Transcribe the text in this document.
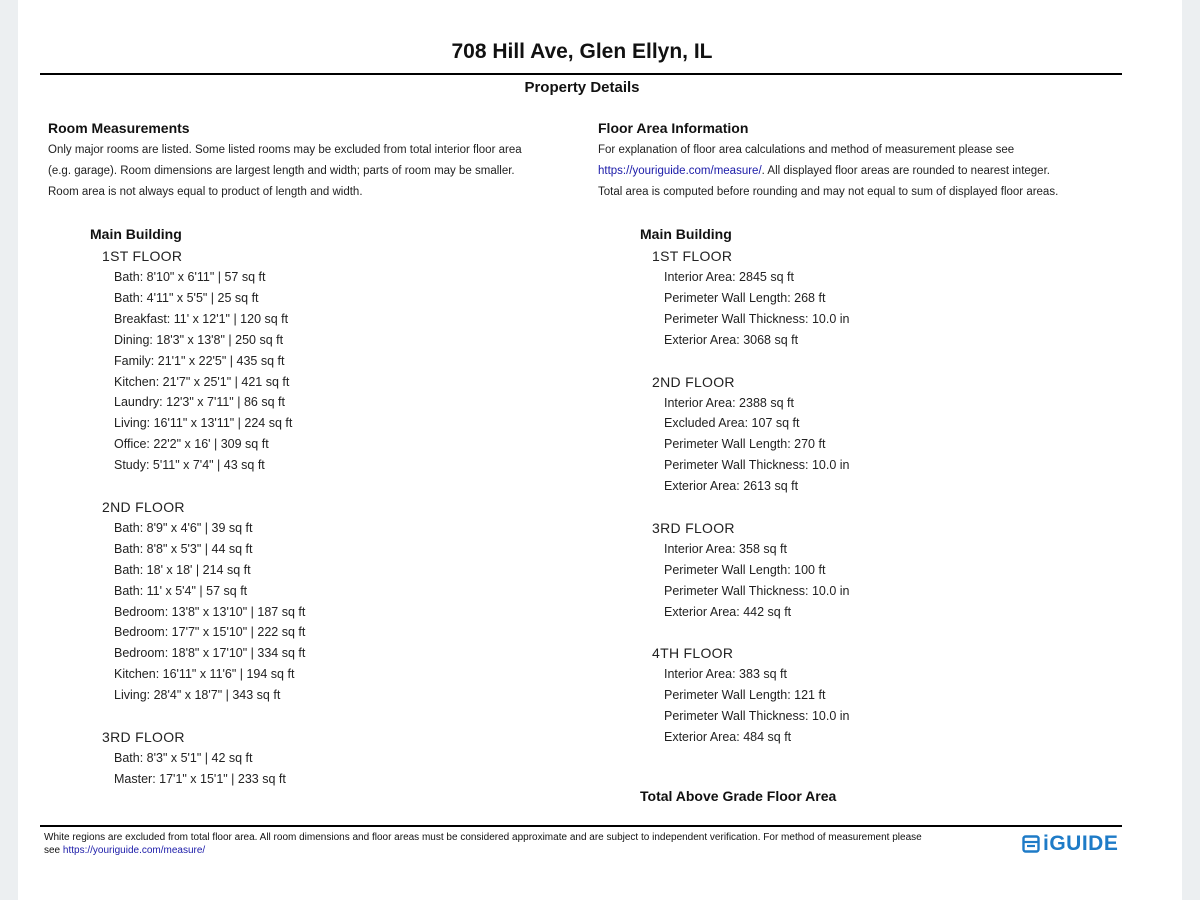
708 Hill Ave, Glen Ellyn, IL
Property Details
Room Measurements
Only major rooms are listed. Some listed rooms may be excluded from total interior floor area
(e.g. garage). Room dimensions are largest length and width; parts of room may be smaller.
Room area is not always equal to product of length and width.
Main Building
1ST FLOOR
Bath: 8'10" x 6'11" | 57 sq ft
Bath: 4'11" x 5'5" | 25 sq ft
Breakfast: 11' x 12'1" | 120 sq ft
Dining: 18'3" x 13'8" | 250 sq ft
Family: 21'1" x 22'5" | 435 sq ft
Kitchen: 21'7" x 25'1" | 421 sq ft
Laundry: 12'3" x 7'11" | 86 sq ft
Living: 16'11" x 13'11" | 224 sq ft
Office: 22'2" x 16' | 309 sq ft
Study: 5'11" x 7'4" | 43 sq ft
2ND FLOOR
Bath: 8'9" x 4'6" | 39 sq ft
Bath: 8'8" x 5'3" | 44 sq ft
Bath: 18' x 18' | 214 sq ft
Bath: 11' x 5'4" | 57 sq ft
Bedroom: 13'8" x 13'10" | 187 sq ft
Bedroom: 17'7" x 15'10" | 222 sq ft
Bedroom: 18'8" x 17'10" | 334 sq ft
Kitchen: 16'11" x 11'6" | 194 sq ft
Living: 28'4" x 18'7" | 343 sq ft
3RD FLOOR
Bath: 8'3" x 5'1" | 42 sq ft
Master: 17'1" x 15'1" | 233 sq ft
Floor Area Information
For explanation of floor area calculations and method of measurement please see
https://youriguide.com/measure/. All displayed floor areas are rounded to nearest integer.
Total area is computed before rounding and may not equal to sum of displayed floor areas.
Main Building
1ST FLOOR
Interior Area: 2845 sq ft
Perimeter Wall Length: 268 ft
Perimeter Wall Thickness: 10.0 in
Exterior Area: 3068 sq ft
2ND FLOOR
Interior Area: 2388 sq ft
Excluded Area: 107 sq ft
Perimeter Wall Length: 270 ft
Perimeter Wall Thickness: 10.0 in
Exterior Area: 2613 sq ft
3RD FLOOR
Interior Area: 358 sq ft
Perimeter Wall Length: 100 ft
Perimeter Wall Thickness: 10.0 in
Exterior Area: 442 sq ft
4TH FLOOR
Interior Area: 383 sq ft
Perimeter Wall Length: 121 ft
Perimeter Wall Thickness: 10.0 in
Exterior Area: 484 sq ft
Total Above Grade Floor Area
White regions are excluded from total floor area. All room dimensions and floor areas must be considered approximate and are subject to independent verification. For method of measurement please
see https://youriguide.com/measure/	iGUIDE
